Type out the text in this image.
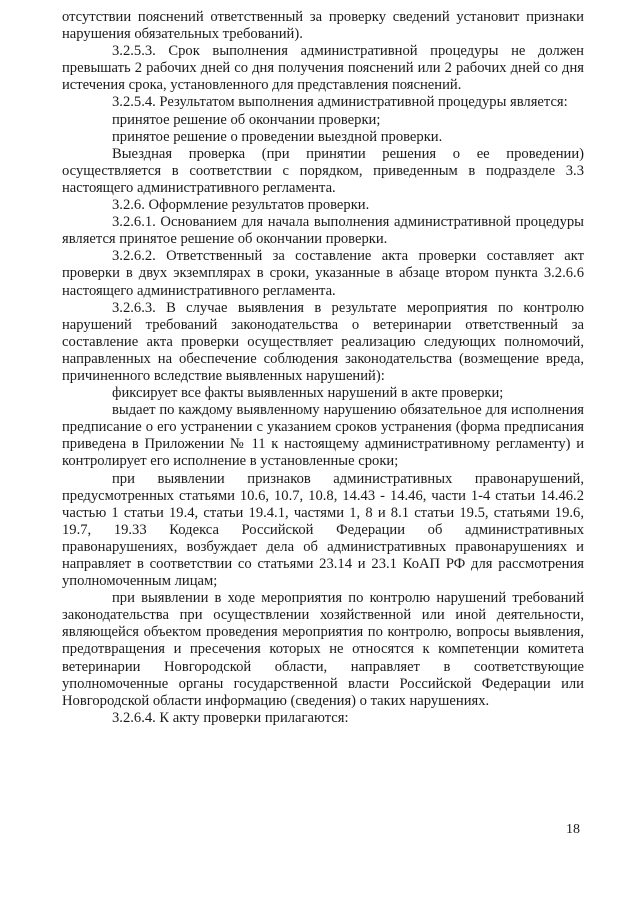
отсутствии пояснений ответственный за проверку сведений установит признаки нарушения обязательных требований).

3.2.5.3. Срок выполнения административной процедуры не должен превышать 2 рабочих дней со дня получения пояснений или 2 рабочих дней со дня истечения срока, установленного для представления пояснений.

3.2.5.4. Результатом выполнения административной процедуры является:

принятое решение об окончании проверки;

принятое решение о проведении выездной проверки.

Выездная проверка (при принятии решения о ее проведении) осуществляется в соответствии с порядком, приведенным в подразделе 3.3 настоящего административного регламента.

3.2.6. Оформление результатов проверки.

3.2.6.1. Основанием для начала выполнения административной процедуры является принятое решение об окончании проверки.

3.2.6.2. Ответственный за составление акта проверки составляет акт проверки в двух экземплярах в сроки, указанные в абзаце втором пункта 3.2.6.6 настоящего административного регламента.

3.2.6.3. В случае выявления в результате мероприятия по контролю нарушений требований законодательства о ветеринарии ответственный за составление акта проверки осуществляет реализацию следующих полномочий, направленных на обеспечение соблюдения законодательства (возмещение вреда, причиненного вследствие выявленных нарушений):

фиксирует все факты выявленных нарушений в акте проверки;

выдает по каждому выявленному нарушению обязательное для исполнения предписание о его устранении с указанием сроков устранения (форма предписания приведена в Приложении № 11 к настоящему административному регламенту) и контролирует его исполнение в установленные сроки;

при выявлении признаков административных правонарушений, предусмотренных статьями 10.6, 10.7, 10.8, 14.43 - 14.46, части 1-4 статьи 14.46.2 частью 1 статьи 19.4, статьи 19.4.1, частями 1, 8 и 8.1 статьи 19.5, статьями 19.6, 19.7, 19.33 Кодекса Российской Федерации об административных правонарушениях, возбуждает дела об административных правонарушениях и направляет в соответствии со статьями 23.14 и 23.1 КоАП РФ для рассмотрения уполномоченным лицам;

при выявлении в ходе мероприятия по контролю нарушений требований законодательства при осуществлении хозяйственной или иной деятельности, являющейся объектом проведения мероприятия по контролю, вопросы выявления, предотвращения и пресечения которых не относятся к компетенции комитета ветеринарии Новгородской области, направляет в соответствующие уполномоченные органы государственной власти Российской Федерации или Новгородской области информацию (сведения) о таких нарушениях.

3.2.6.4. К акту проверки прилагаются:

18
